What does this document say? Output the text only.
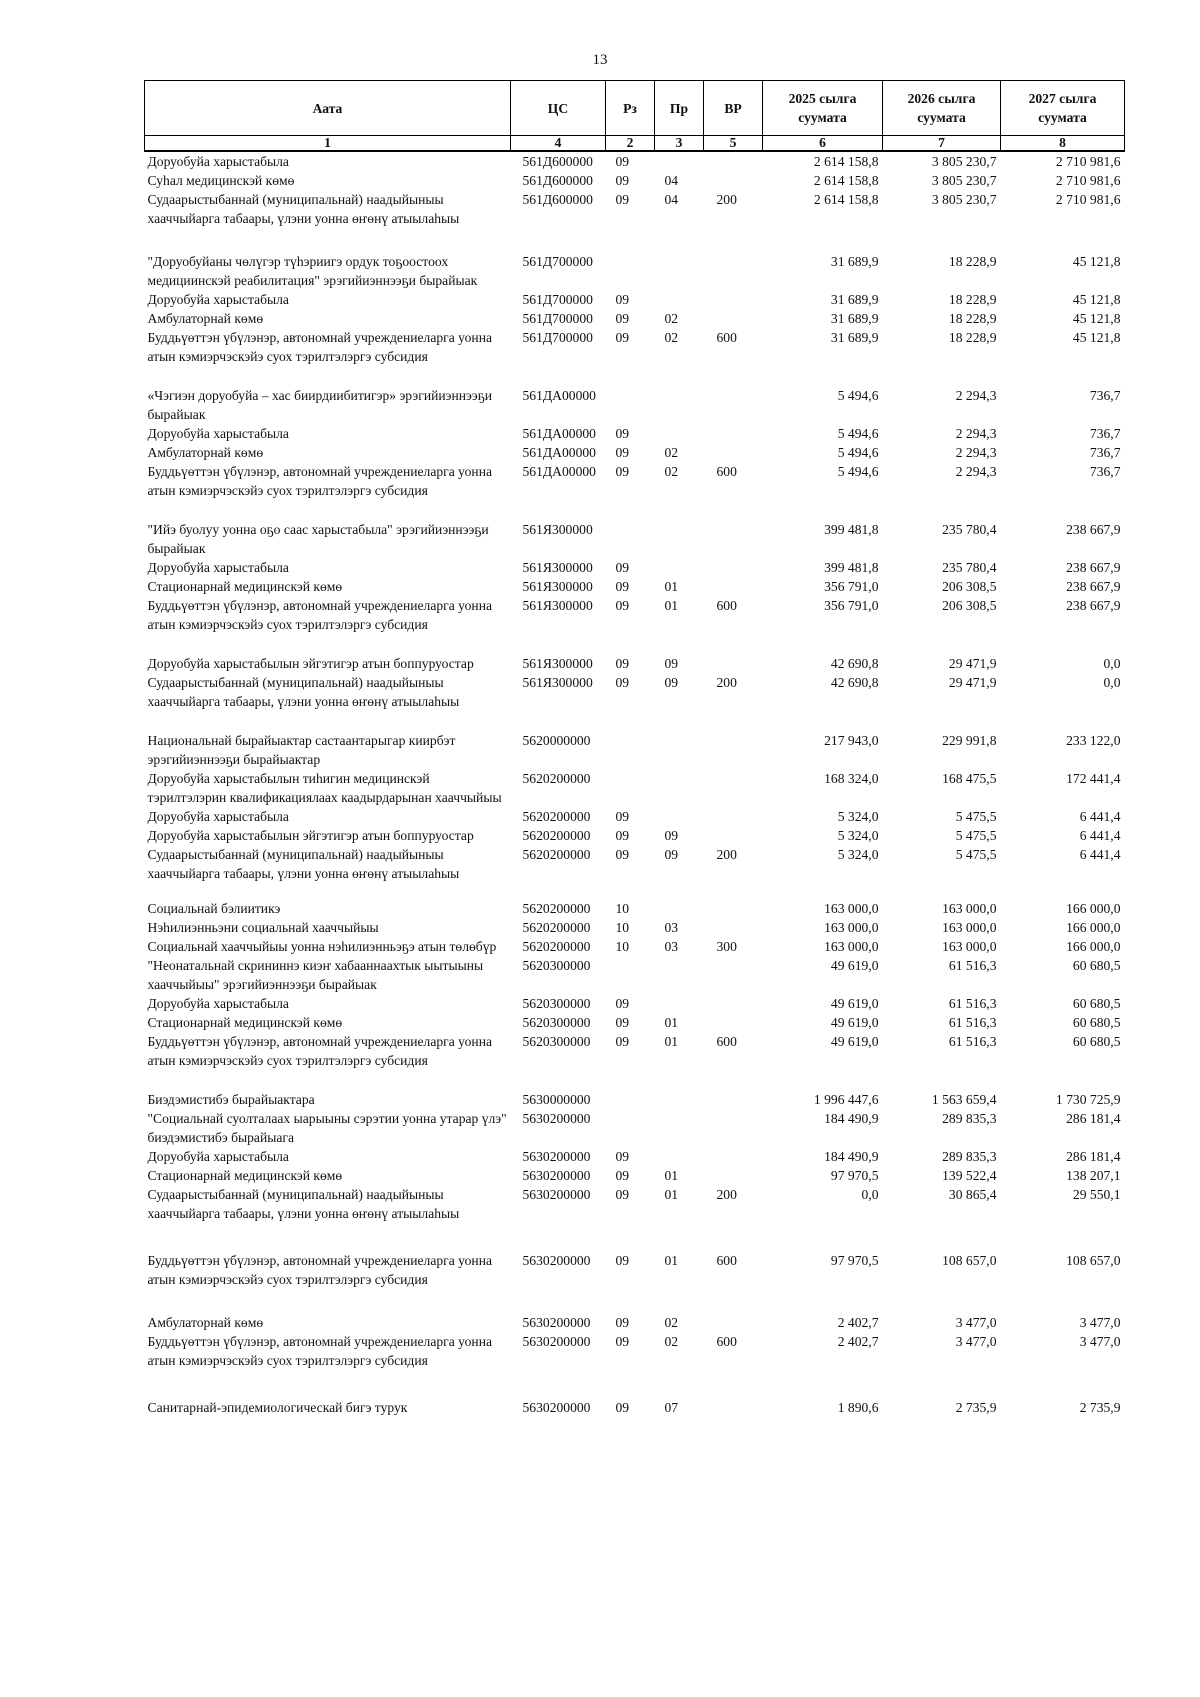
13
Аата	ЦС	Рз	Пр	ВР	2025 сылга суумата	2026 сылга суумата	2027 сылга суумата
1	4	2	3	5	6	7	8
Доруобуйа харыстабыла	561Д600000	09			2 614 158,8	3 805 230,7	2 710 981,6
Суhал медицинскэй көмө	561Д600000	09	04		2 614 158,8	3 805 230,7	2 710 981,6
Судаарыстыбаннай (муниципальнай) наадыйыныы хааччыйарга табаары, үлэни уонна өҥөнү атыылаhыы	561Д600000	09	04	200	2 614 158,8	3 805 230,7	2 710 981,6

"Доруобуйаны чөлүгэр түhэриигэ ордук тоҕоостоох медициинскэй реабилитация" эрэгийиэннээҕи бырайыак	561Д700000				31 689,9	18 228,9	45 121,8
Доруобуйа харыстабыла	561Д700000	09			31 689,9	18 228,9	45 121,8
Амбулаторнай көмө	561Д700000	09	02		31 689,9	18 228,9	45 121,8
Буддьүөттэн үбүлэнэр, автономнай учреждениеларга уонна атын кэмиэрчэскэйэ суох тэрилтэлэргэ субсидия	561Д700000	09	02	600	31 689,9	18 228,9	45 121,8

«Чэгиэн доруобуйа – хас биирдиибитигэр» эрэгийиэннээҕи бырайыак	561ДА00000				5 494,6	2 294,3	736,7
Доруобуйа харыстабыла	561ДА00000	09			5 494,6	2 294,3	736,7
Амбулаторнай көмө	561ДА00000	09	02		5 494,6	2 294,3	736,7
Буддьүөттэн үбүлэнэр, автономнай учреждениеларга уонна атын кэмиэрчэскэйэ суох тэрилтэлэргэ субсидия	561ДА00000	09	02	600	5 494,6	2 294,3	736,7

"Ийэ буолуу уонна оҕо саас харыстабыла" эрэгийиэннээҕи бырайыак	561Я300000				399 481,8	235 780,4	238 667,9
Доруобуйа харыстабыла	561Я300000	09			399 481,8	235 780,4	238 667,9
Стационарнай медицинскэй көмө	561Я300000	09	01		356 791,0	206 308,5	238 667,9
Буддьүөттэн үбүлэнэр, автономнай учреждениеларга уонна атын кэмиэрчэскэйэ суох тэрилтэлэргэ субсидия	561Я300000	09	01	600	356 791,0	206 308,5	238 667,9

Доруобуйа харыстабылын эйгэтигэр атын боппуруостар	561Я300000	09	09		42 690,8	29 471,9	0,0
Судаарыстыбаннай (муниципальнай) наадыйыныы хааччыйарга табаары, үлэни уонна өҥөнү атыылаhыы	561Я300000	09	09	200	42 690,8	29 471,9	0,0

Национальнай бырайыактар састаантарыгар киирбэт эрэгийиэннээҕи бырайыактар	5620000000				217 943,0	229 991,8	233 122,0
Доруобуйа харыстабылын тиhигин медицинскэй тэрилтэлэрин квалификациялаах каадырдарынан хааччыйыы	5620200000				168 324,0	168 475,5	172 441,4
Доруобуйа харыстабыла	5620200000	09			5 324,0	5 475,5	6 441,4
Доруобуйа харыстабылын эйгэтигэр атын боппуруостар	5620200000	09	09		5 324,0	5 475,5	6 441,4
Судаарыстыбаннай (муниципальнай) наадыйыныы хааччыйарга табаары, үлэни уонна өҥөнү атыылаhыы	5620200000	09	09	200	5 324,0	5 475,5	6 441,4

Социальнай бэлиитикэ	5620200000	10			163 000,0	163 000,0	166 000,0
Нэhилиэнньэни социальнай хааччыйыы	5620200000	10	03		163 000,0	163 000,0	166 000,0
Социальнай хааччыйыы уонна нэhилиэнньэҕэ атын төлөбүр	5620200000	10	03	300	163 000,0	163 000,0	166 000,0
"Неонатальнай скрининнэ киэҥ хабааннаахтык ыытыыны хааччыйыы" эрэгийиэннээҕи бырайыак	5620300000				49 619,0	61 516,3	60 680,5
Доруобуйа харыстабыла	5620300000	09			49 619,0	61 516,3	60 680,5
Стационарнай медицинскэй көмө	5620300000	09	01		49 619,0	61 516,3	60 680,5
Буддьүөттэн үбүлэнэр, автономнай учреждениеларга уонна атын кэмиэрчэскэйэ суох тэрилтэлэргэ субсидия	5620300000	09	01	600	49 619,0	61 516,3	60 680,5

Биэдэмистибэ бырайыактара	5630000000				1 996 447,6	1 563 659,4	1 730 725,9
"Социальнай суолталаах ыарыыны сэрэтии уонна утарар үлэ" биэдэмистибэ бырайыага	5630200000				184 490,9	289 835,3	286 181,4
Доруобуйа харыстабыла	5630200000	09			184 490,9	289 835,3	286 181,4
Стационарнай медицинскэй көмө	5630200000	09	01		97 970,5	139 522,4	138 207,1
Судаарыстыбаннай (муниципальнай) наадыйыныы хааччыйарга табаары, үлэни уонна өҥөнү атыылаhыы	5630200000	09	01	200	0,0	30 865,4	29 550,1

Буддьүөттэн үбүлэнэр, автономнай учреждениеларга уонна атын кэмиэрчэскэйэ суох тэрилтэлэргэ субсидия	5630200000	09	01	600	97 970,5	108 657,0	108 657,0

Амбулаторнай көмө	5630200000	09	02		2 402,7	3 477,0	3 477,0
Буддьүөттэн үбүлэнэр, автономнай учреждениеларга уонна атын кэмиэрчэскэйэ суох тэрилтэлэргэ субсидия	5630200000	09	02	600	2 402,7	3 477,0	3 477,0

Санитарнай-эпидемиологическай бигэ турук	5630200000	09	07		1 890,6	2 735,9	2 735,9
